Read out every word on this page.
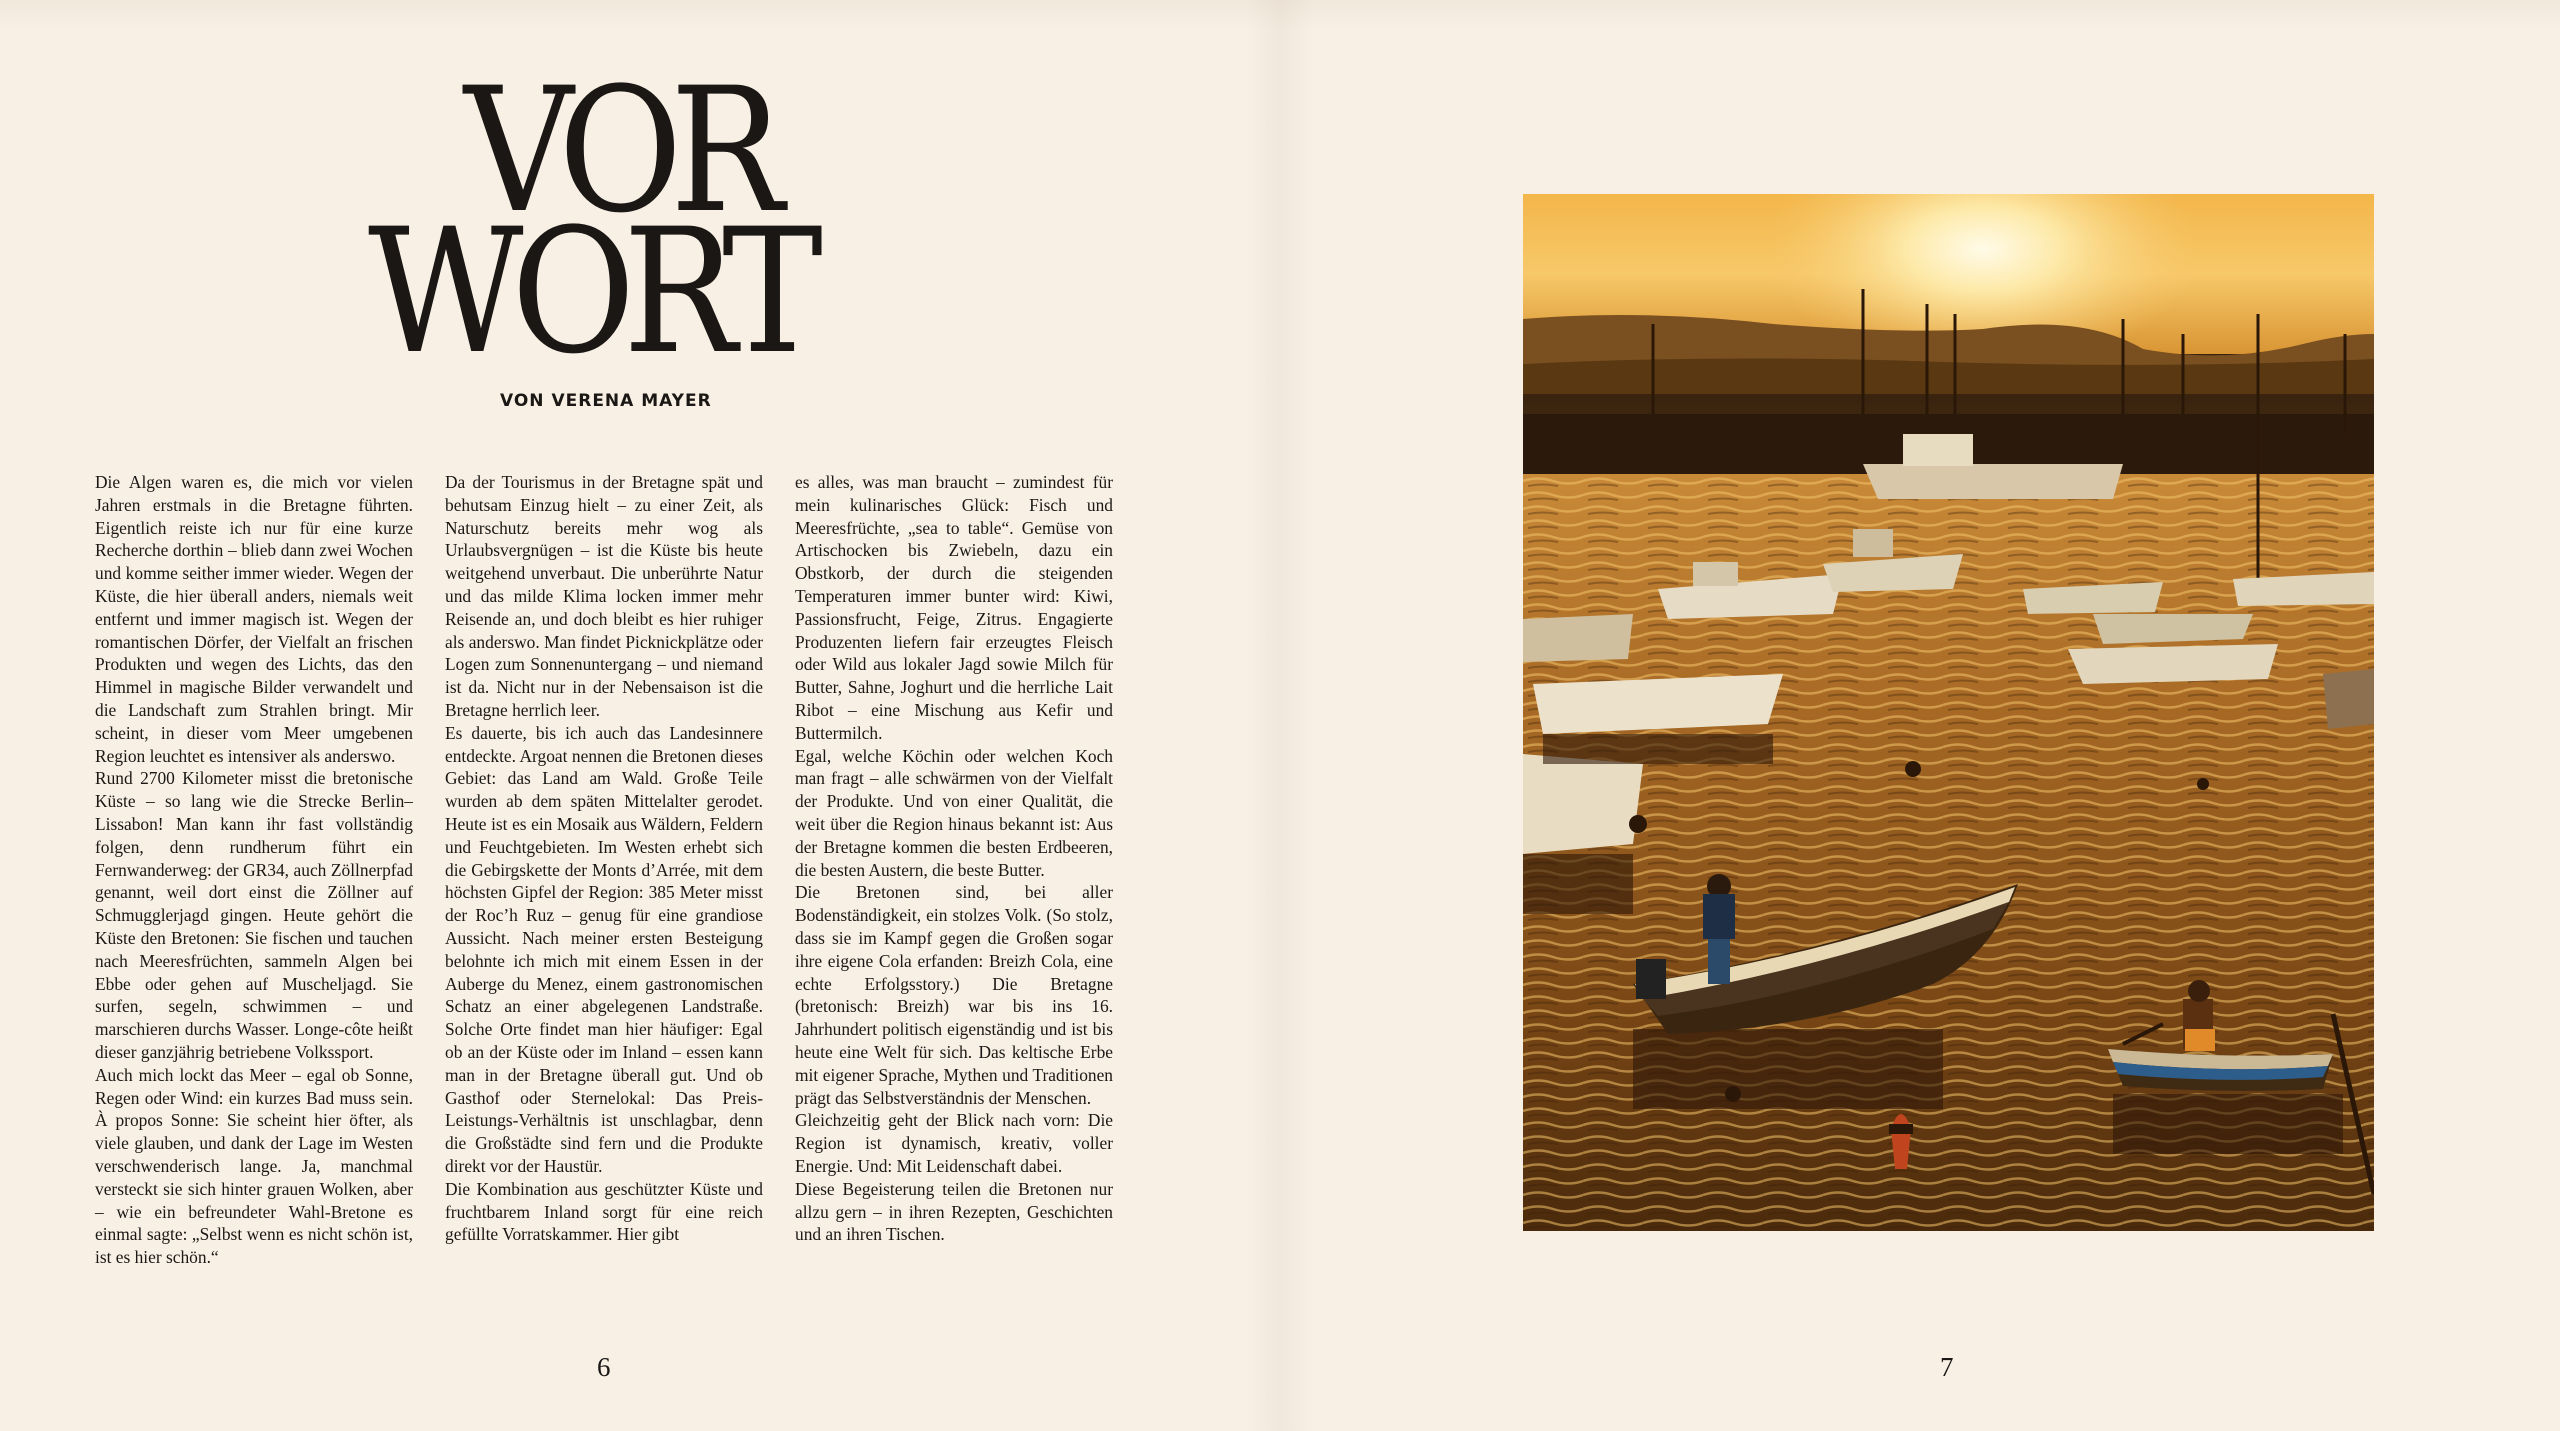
VOR
WORT
VON VERENA MAYER

Die Algen waren es, die mich vor vielen Jahren erstmals in die Bretagne führten. Eigentlich reiste ich nur für eine kurze Recherche dorthin – blieb dann zwei Wochen und komme seither immer wieder. Wegen der Küste, die hier überall anders, niemals weit entfernt und immer magisch ist. Wegen der romantischen Dörfer, der Vielfalt an frischen Produkten und wegen des Lichts, das den Himmel in magische Bilder verwandelt und die Landschaft zum Strahlen bringt. Mir scheint, in dieser vom Meer umgebenen Region leuchtet es intensiver als anderswo.

Rund 2700 Kilometer misst die bretonische Küste – so lang wie die Strecke Berlin–Lissabon! Man kann ihr fast vollständig folgen, denn rundherum führt ein Fernwanderweg: der GR34, auch Zöllnerpfad genannt, weil dort einst die Zöllner auf Schmugglerjagd gingen. Heute gehört die Küste den Bretonen: Sie fischen und tauchen nach Meeresfrüchten, sammeln Algen bei Ebbe oder gehen auf Muscheljagd. Sie surfen, segeln, schwimmen – und marschieren durchs Wasser. Longe-côte heißt dieser ganzjährig betriebene Volkssport.

Auch mich lockt das Meer – egal ob Sonne, Regen oder Wind: ein kurzes Bad muss sein. À propos Sonne: Sie scheint hier öfter, als viele glauben, und dank der Lage im Westen verschwenderisch lange. Ja, manchmal versteckt sie sich hinter grauen Wolken, aber – wie ein befreundeter Wahl-Bretone es einmal sagte: „Selbst wenn es nicht schön ist, ist es hier schön.“

Da der Tourismus in der Bretagne spät und behutsam Einzug hielt – zu einer Zeit, als Naturschutz bereits mehr wog als Urlaubsvergnügen – ist die Küste bis heute weitgehend unverbaut. Die unberührte Natur und das milde Klima locken immer mehr Reisende an, und doch bleibt es hier ruhiger als anderswo. Man findet Picknickplätze oder Logen zum Sonnenuntergang – und niemand ist da. Nicht nur in der Nebensaison ist die Bretagne herrlich leer.

Es dauerte, bis ich auch das Landesinnere entdeckte. Argoat nennen die Bretonen dieses Gebiet: das Land am Wald. Große Teile wurden ab dem späten Mittelalter gerodet. Heute ist es ein Mosaik aus Wäldern, Feldern und Feuchtgebieten. Im Westen erhebt sich die Gebirgskette der Monts d’Arrée, mit dem höchsten Gipfel der Region: 385 Meter misst der Roc’h Ruz – genug für eine grandiose Aussicht. Nach meiner ersten Besteigung belohnte ich mich mit einem Essen in der Auberge du Menez, einem gastronomischen Schatz an einer abgelegenen Landstraße. Solche Orte findet man hier häufiger: Egal ob an der Küste oder im Inland – essen kann man in der Bretagne überall gut. Und ob Gasthof oder Sternelokal: Das Preis-Leistungs-Verhältnis ist unschlagbar, denn die Großstädte sind fern und die Produkte direkt vor der Haustür.

Die Kombination aus geschützter Küste und fruchtbarem Inland sorgt für eine reich gefüllte Vorratskammer. Hier gibt

es alles, was man braucht – zumindest für mein kulinarisches Glück: Fisch und Meeresfrüchte, „sea to table“. Gemüse von Artischocken bis Zwiebeln, dazu ein Obstkorb, der durch die steigenden Temperaturen immer bunter wird: Kiwi, Passionsfrucht, Feige, Zitrus. Engagierte Produzenten liefern fair erzeugtes Fleisch oder Wild aus lokaler Jagd sowie Milch für Butter, Sahne, Joghurt und die herrliche Lait Ribot – eine Mischung aus Kefir und Buttermilch.

Egal, welche Köchin oder welchen Koch man fragt – alle schwärmen von der Vielfalt der Produkte. Und von einer Qualität, die weit über die Region hinaus bekannt ist: Aus der Bretagne kommen die besten Erdbeeren, die besten Austern, die beste Butter.

Die Bretonen sind, bei aller Bodenständigkeit, ein stolzes Volk. (So stolz, dass sie im Kampf gegen die Großen sogar ihre eigene Cola erfanden: Breizh Cola, eine echte Erfolgsstory.) Die Bretagne (bretonisch: Breizh) war bis ins 16. Jahrhundert politisch eigenständig und ist bis heute eine Welt für sich. Das keltische Erbe mit eigener Sprache, Mythen und Traditionen prägt das Selbstverständnis der Menschen.

Gleichzeitig geht der Blick nach vorn: Die Region ist dynamisch, kreativ, voller Energie. Und: Mit Leidenschaft dabei.

Diese Begeisterung teilen die Bretonen nur allzu gern – in ihren Rezepten, Geschichten und an ihren Tischen.

6	7
